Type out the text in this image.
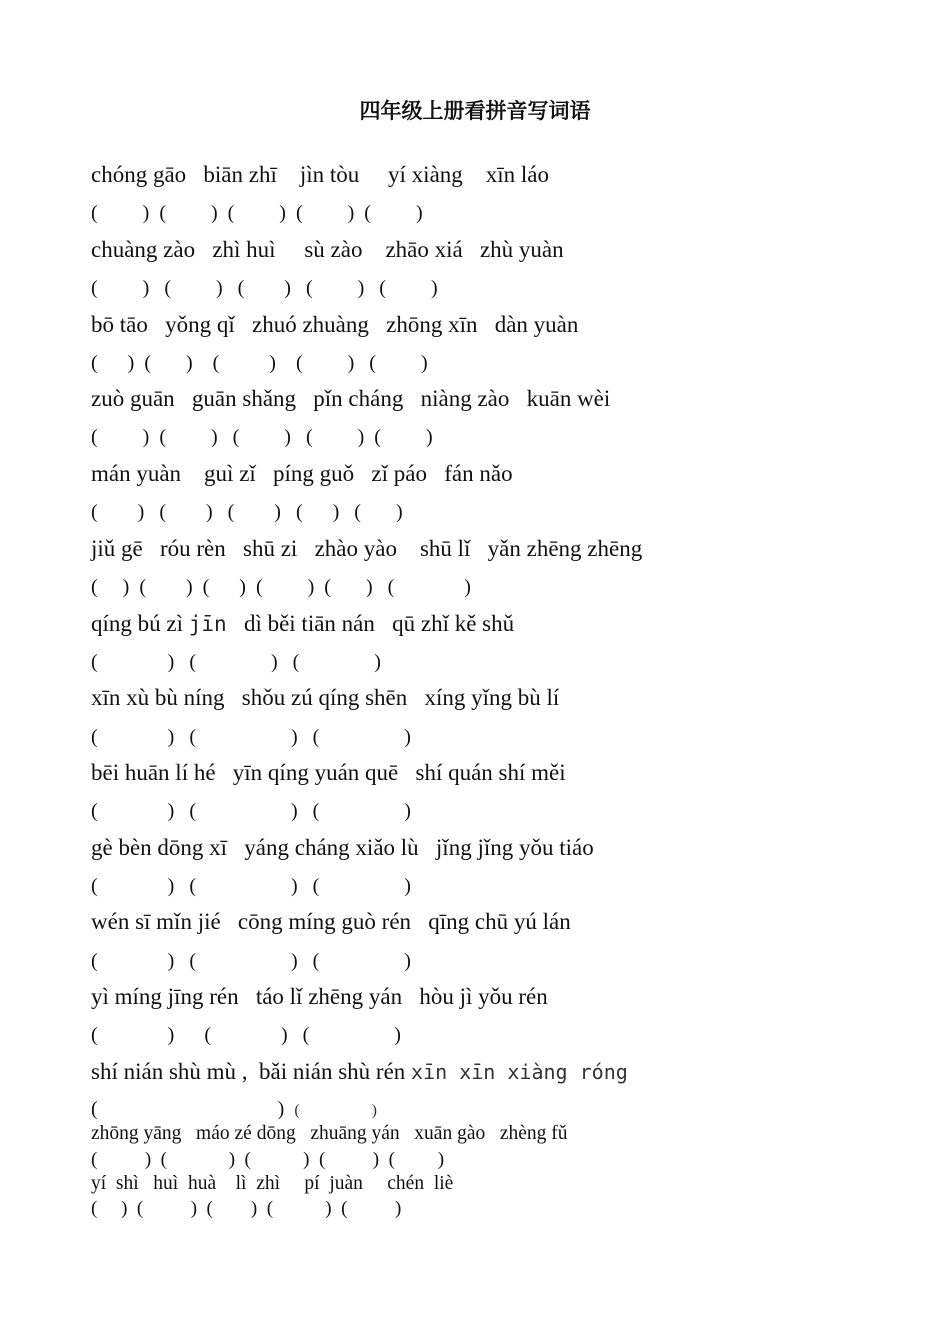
四年级上册看拼音写词语
chóng gāo   biān zhī    jìn tòu     yí xiàng    xīn láo
(         )  (         )  (         )  (         )  (         )
chuàng zào   zhì huì     sù zào    zhāo xiá   zhù yuàn
(         )   (         )   (        )   (         )   (         )
bō tāo   yǒng qǐ   zhuó zhuàng   zhōng xīn   dàn yuàn
(      )  (       )    (          )    (         )   (         )
zuò guān   guān shǎng   pǐn cháng   niàng zào   kuān wèi
(         )  (         )   (         )   (         )  (         )
mán yuàn    guì zǐ   píng guǒ   zǐ páo   fán nǎo
(        )   (        )   (        )   (      )   (       )
jiǔ gē   róu rèn   shū zi   zhào yào    shū lǐ   yǎn zhēng zhēng
(     )  (        )  (      )  (         )  (       )   (              )
qíng bú zì jīn   dì běi tiān nán   qū zhǐ kě shǔ
(              )   (               )   (               )
xīn xù bù níng   shǒu zú qíng shēn   xíng yǐng bù lí
(              )   (                   )   (                 )
bēi huān lí hé   yīn qíng yuán quē   shí quán shí měi
(              )   (                   )   (                 )
gè bèn dōng xī   yáng cháng xiǎo lù   jǐng jǐng yǒu tiáo
(              )   (                   )   (                 )
wén sī mǐn jié   cōng míng guò rén   qīng chū yú lán
(              )   (                   )   (                 )
yì míng jīng rén   táo lǐ zhēng yán   hòu jì yǒu rén
(              )      (              )   (                 )
shí nián shù mù ,  bǎi nián shù rén xīn xīn xiàng róng
(                                    )  (                  )
zhōng yāng   máo zé dōng   zhuāng yán   xuān gào   zhèng fǔ
(          )  (             )  (           )  (          )  (         )
yí  shì   huì  huà    lì  zhì     pí  juàn     chén  liè
(     )  (          )  (        )  (           )  (          )
